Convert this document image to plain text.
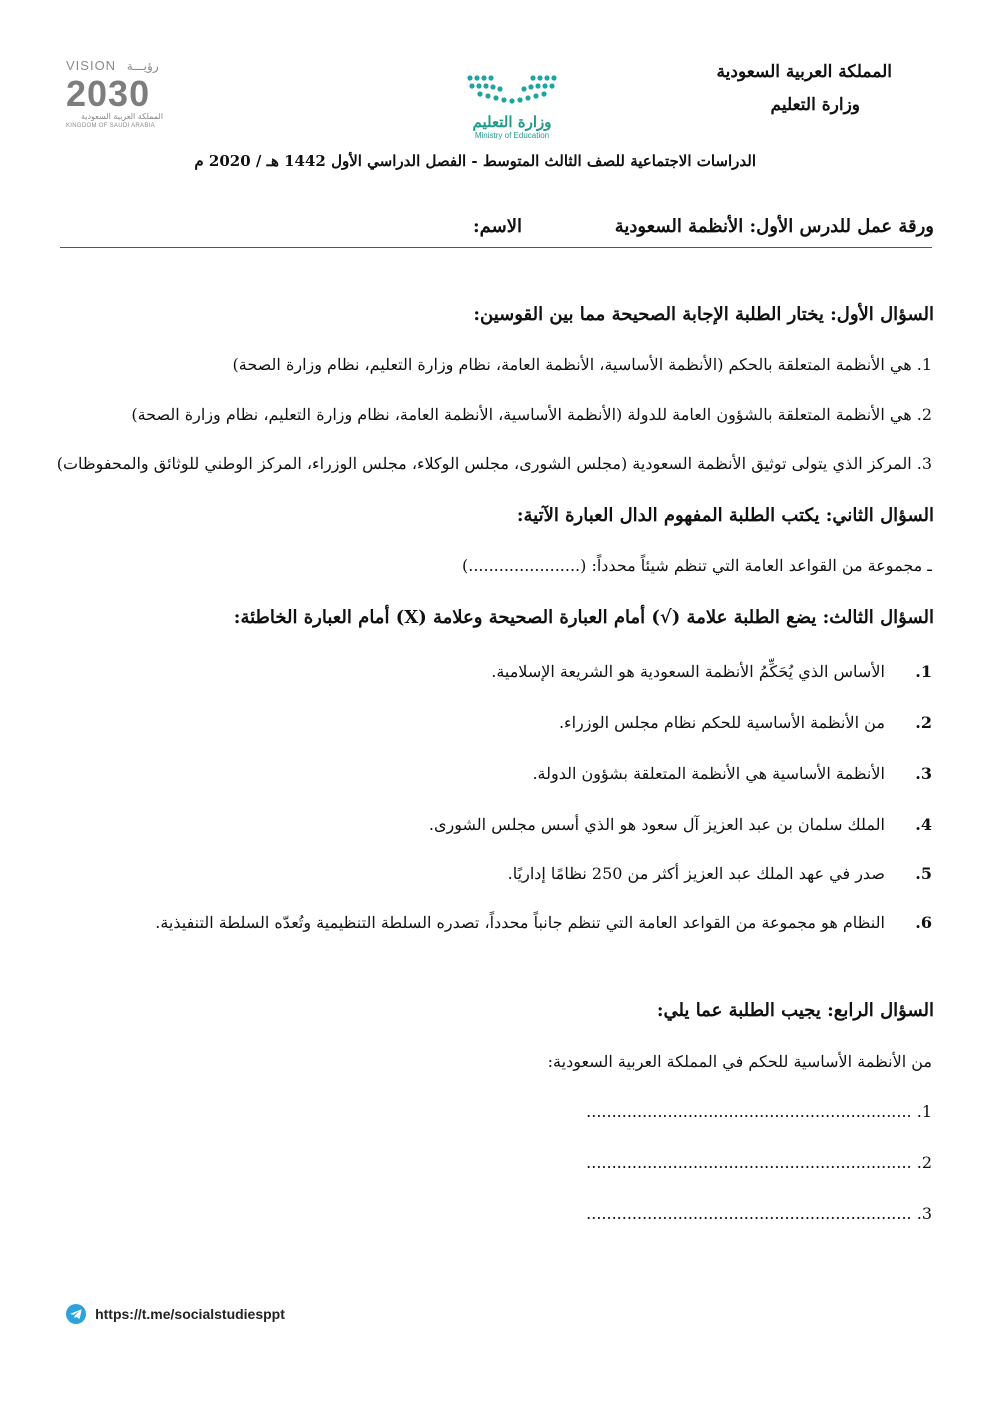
المملكة العربية السعودية
وزارة التعليم
وزارة التعليم
Ministry of Education
VISION رؤيـــة
2030
المملكة العربية السعودية
KINGDOM OF SAUDI ARABIA
الدراسات الاجتماعية للصف الثالث المتوسط - الفصل الدراسي الأول 1442 هـ / 2020 م
ورقة عمل للدرس الأول: الأنظمة السعودية
الاسم:
السؤال الأول: يختار الطلبة الإجابة الصحيحة مما بين القوسين:
1. هي الأنظمة المتعلقة بالحكم (الأنظمة الأساسية، الأنظمة العامة، نظام وزارة التعليم، نظام وزارة الصحة)
2. هي الأنظمة المتعلقة بالشؤون العامة للدولة (الأنظمة الأساسية، الأنظمة العامة، نظام وزارة التعليم، نظام وزارة الصحة)
3. المركز الذي يتولى توثيق الأنظمة السعودية (مجلس الشورى، مجلس الوكلاء، مجلس الوزراء، المركز الوطني للوثائق والمحفوظات)
السؤال الثاني: يكتب الطلبة المفهوم الدال العبارة الآتية:
ـ مجموعة من القواعد العامة التي تنظم شيئاً محدداً: (......................)
السؤال الثالث: يضع الطلبة علامة (√) أمام العبارة الصحيحة وعلامة (X) أمام العبارة الخاطئة:
1. الأساس الذي يُحَكِّمُ الأنظمة السعودية هو الشريعة الإسلامية.
2. من الأنظمة الأساسية للحكم نظام مجلس الوزراء.
3. الأنظمة الأساسية هي الأنظمة المتعلقة بشؤون الدولة.
4. الملك سلمان بن عبد العزيز آل سعود هو الذي أسس مجلس الشورى.
5. صدر في عهد الملك عبد العزيز أكثر من 250 نظامًا إداريًا.
6. النظام هو مجموعة من القواعد العامة التي تنظم جانباً محدداً، تصدره السلطة التنظيمية وتُعدّه السلطة التنفيذية.
السؤال الرابع: يجيب الطلبة عما يلي:
من الأنظمة الأساسية للحكم في المملكة العربية السعودية:
1. ................................................................
2. ................................................................
3. ................................................................
https://t.me/socialstudiesppt
